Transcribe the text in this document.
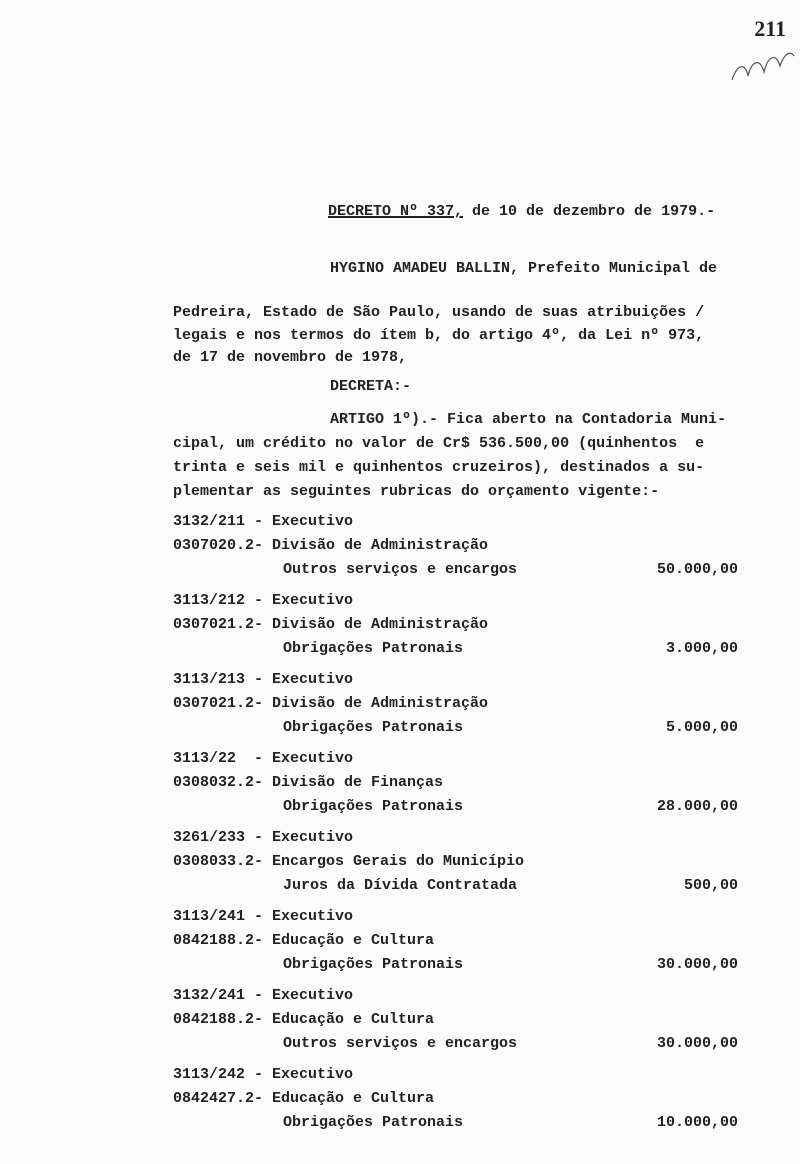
211
DECRETO Nº 337, de 10 de dezembro de 1979.-
HYGINO AMADEU BALLIN, Prefeito Municipal de
Pedreira, Estado de São Paulo, usando de suas atribuições /
legais e nos termos do ítem b, do artigo 4º, da Lei nº 973,
de 17 de novembro de 1978,
DECRETA:-
ARTIGO 1º).- Fica aberto na Contadoria Muni-
cipal, um crédito no valor de Cr$ 536.500,00 (quinhentos  e
trinta e seis mil e quinhentos cruzeiros), destinados a su-
plementar as seguintes rubricas do orçamento vigente:-
3132/211 - Executivo
0307020.2- Divisão de Administração
Outros serviços e encargos	50.000,00
3113/212 - Executivo
0307021.2- Divisão de Administração
Obrigações Patronais	3.000,00
3113/213 - Executivo
0307021.2- Divisão de Administração
Obrigações Patronais	5.000,00
3113/22  - Executivo
0308032.2- Divisão de Finanças
Obrigações Patronais	28.000,00
3261/233 - Executivo
0308033.2- Encargos Gerais do Município
Juros da Dívida Contratada	500,00
3113/241 - Executivo
0842188.2- Educação e Cultura
Obrigações Patronais	30.000,00
3132/241 - Executivo
0842188.2- Educação e Cultura
Outros serviços e encargos	30.000,00
3113/242 - Executivo
0842427.2- Educação e Cultura
Obrigações Patronais	10.000,00
